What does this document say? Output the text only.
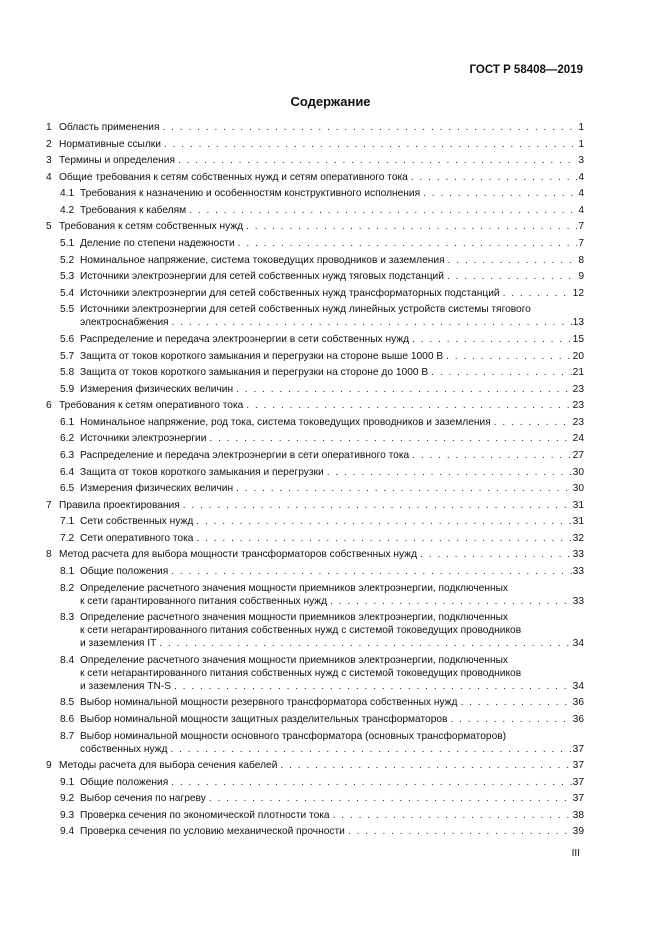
ГОСТ Р 58408—2019
Содержание
1 Область применения . . .	1
2 Нормативные ссылки . . .	1
3 Термины и определения . . .	3
4 Общие требования к сетям собственных нужд и сетям оперативного тока . . .	4
4.1 Требования к назначению и особенностям конструктивного исполнения . . .	4
4.2 Требования к кабелям . . .	4
5 Требования к сетям собственных нужд . . .	7
5.1 Деление по степени надежности . . .	7
5.2 Номинальное напряжение, система токоведущих проводников и заземления . . .	8
5.3 Источники электроэнергии для сетей собственных нужд тяговых подстанций . . .	9
5.4 Источники электроэнергии для сетей собственных нужд трансформаторных подстанций . . .	12
5.5 Источники электроэнергии для сетей собственных нужд линейных устройств системы тягового
электроснабжения . . .	13
5.6 Распределение и передача электроэнергии в сети собственных нужд . . .	15
5.7 Защита от токов короткого замыкания и перегрузки на стороне выше 1000 В . . .	20
5.8 Защита от токов короткого замыкания и перегрузки на стороне до 1000 В . . .	21
5.9 Измерения физических величин . . .	23
6 Требования к сетям оперативного тока . . .	23
6.1 Номинальное напряжение, род тока, система токоведущих проводников и заземления . . .	23
6.2 Источники электроэнергии . . .	24
6.3 Распределение и передача электроэнергии в сети оперативного тока . . .	27
6.4 Защита от токов короткого замыкания и перегрузки . . .	30
6.5 Измерения физических величин . . .	30
7 Правила проектирования . . .	31
7.1 Сети собственных нужд . . .	31
7.2 Сети оперативного тока . . .	32
8 Метод расчета для выбора мощности трансформаторов собственных нужд . . .	33
8.1 Общие положения . . .	33
8.2 Определение расчетного значения мощности приемников электроэнергии, подключенных
к сети гарантированного питания собственных нужд . . .	33
8.3 Определение расчетного значения мощности приемников электроэнергии, подключенных
к сети негарантированного питания собственных нужд с системой токоведущих проводников
и заземления IT . . .	34
8.4 Определение расчетного значения мощности приемников электроэнергии, подключенных
к сети негарантированного питания собственных нужд с системой токоведущих проводников
и заземления TN-S . . .	34
8.5 Выбор номинальной мощности резервного трансформатора собственных нужд . . .	36
8.6 Выбор номинальной мощности защитных разделительных трансформаторов . . .	36
8.7 Выбор номинальной мощности основного трансформатора (основных трансформаторов)
собственных нужд . . .	37
9 Методы расчета для выбора сечения кабелей . . .	37
9.1 Общие положения . . .	37
9.2 Выбор сечения по нагреву . . .	37
9.3 Проверка сечения по экономической плотности тока . . .	38
9.4 Проверка сечения по условию механической прочности . . .	39
III
